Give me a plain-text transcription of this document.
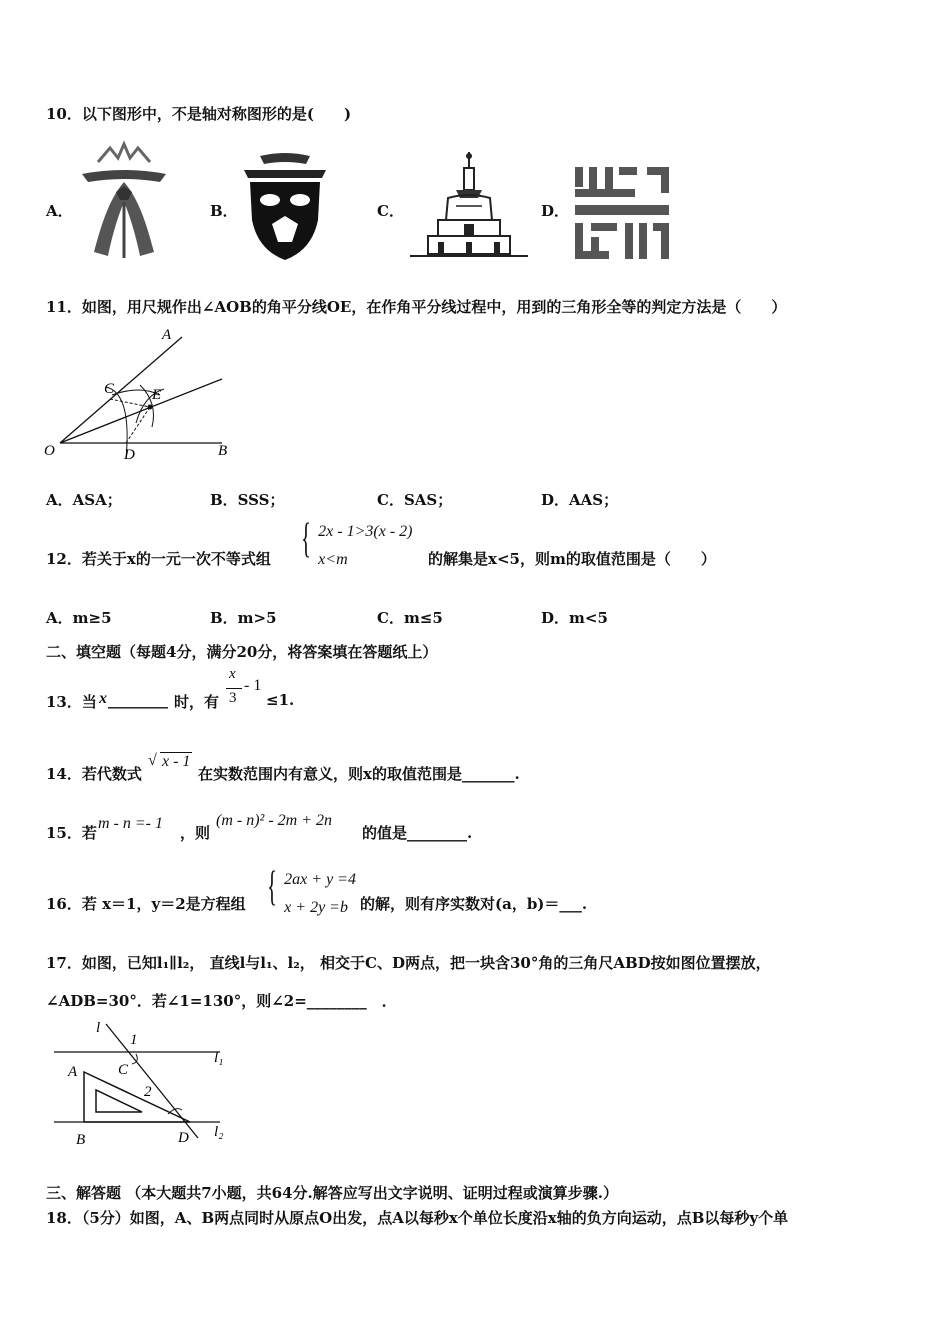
10．以下图形中，不是轴对称图形的是(　　)
A．	B．	C．	D．
11．如图，用尺规作出∠AOB的角平分线OE，在作角平分线过程中，用到的三角形全等的判定方法是（　　）
A
C	E
O	D	B
A．ASA；	B．SSS；	C．SAS；	D．AAS；
12．若关于x的一元一次不等式组 { 2x - 1>3(x - 2)
x<m	的解集是x<5，则m的取值范围是（　　）
A．m≥5	B．m>5	C．m≤5	D．m<5
二、填空题（每题4分，满分20分，将答案填在答题纸上）
13．当 x ________ 时，有
x
3
- 1
≤1.
14．若代数式
√ x - 1
在实数范围内有意义，则x的取值范围是_______.
15．若
m - n =- 1
，则
(m - n)² - 2m + 2n
的值是________.
16．若 x＝1，y＝2是方程组 { 2ax + y =4
x + 2y =b 的解，则有序实数对(a，b)＝___.
17．如图，已知l₁∥l₂， 直线l与l₁、l₂， 相交于C、D两点，把一块含30°角的三角尺ABD按如图位置摆放，
∠ADB=30°．若∠1=130°，则∠2=________　．
l
1
l₁
A	C
2
B	D l₂
三、解答题 （本大题共7小题，共64分.解答应写出文字说明、证明过程或演算步骤.）
18．（5分）如图，A、B两点同时从原点O出发，点A以每秒x个单位长度沿x轴的负方向运动，点B以每秒y个单
